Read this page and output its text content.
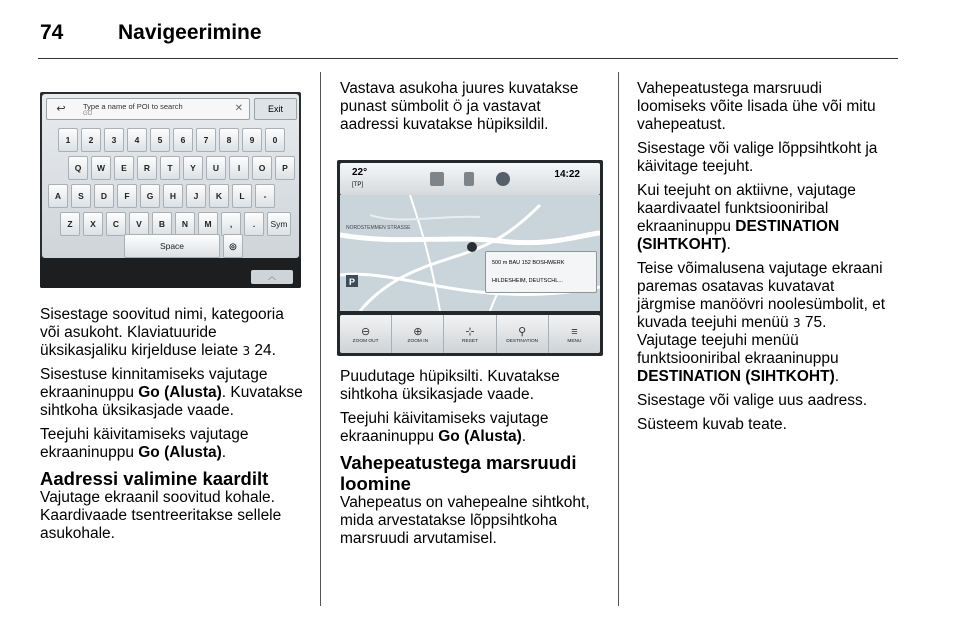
74	Navigeerimine
↩	Type a name of POI to search
GO	✕	Exit
1	2	3	4	5	6	7	8	9	0
Q	W	E	R	T	Y	U	I	O	P
A	S	D	F	G	H	J	K	L	-
Z	X	C	V	B	N	M	,	.	Sym
Space	◎
︿
22°
[TP]
14:22
NORDSTEMMEN STRASSE
P
500 m BAU 152 BOSHWERK
HILDESHEIM, DEUTSCHL...
⊖
ZOOM OUT
⊕
ZOOM IN
⊹
RESET
⚲
DESTINATION
≡
MENU

Sisestage soovitud nimi, kategooria
või asukoht. Klaviatuuride
üksikasjaliku kirjelduse leiate 3 24.

Sisestuse kinnitamiseks vajutage
ekraaninuppu Go (Alusta). Kuvatakse
sihtkoha üksikasjade vaade.

Teejuhi käivitamiseks vajutage
ekraaninuppu Go (Alusta).

Aadressi valimine kaardilt

Vajutage ekraanil soovitud kohale.
Kaardivaade tsentreeritakse sellele
asukohale.

Vastava asukoha juures kuvatakse
punast sümbolit Ö ja vastavat
aadressi kuvatakse hüpiksildil.

Puudutage hüpiksilti. Kuvatakse
sihtkoha üksikasjade vaade.

Teejuhi käivitamiseks vajutage
ekraaninuppu Go (Alusta).

Vahepeatustega marsruudi
loomine

Vahepeatus on vahepealne sihtkoht,
mida arvestatakse lõppsihtkoha
marsruudi arvutamisel.

Vahepeatustega marsruudi
loomiseks võite lisada ühe või mitu
vahepeatust.

Sisestage või valige lõppsihtkoht ja
käivitage teejuht.

Kui teejuht on aktiivne, vajutage
kaardivaatel funktsiooniribal
ekraaninuppu DESTINATION
(SIHTKOHT).

Teise võimalusena vajutage ekraani
paremas osatavas kuvatavat
järgmise manöövri noolesümbolit, et
kuvada teejuhi menüü 3 75.
Vajutage teejuhi menüü
funktsiooniribal ekraaninuppu
DESTINATION (SIHTKOHT).

Sisestage või valige uus aadress.

Süsteem kuvab teate.
